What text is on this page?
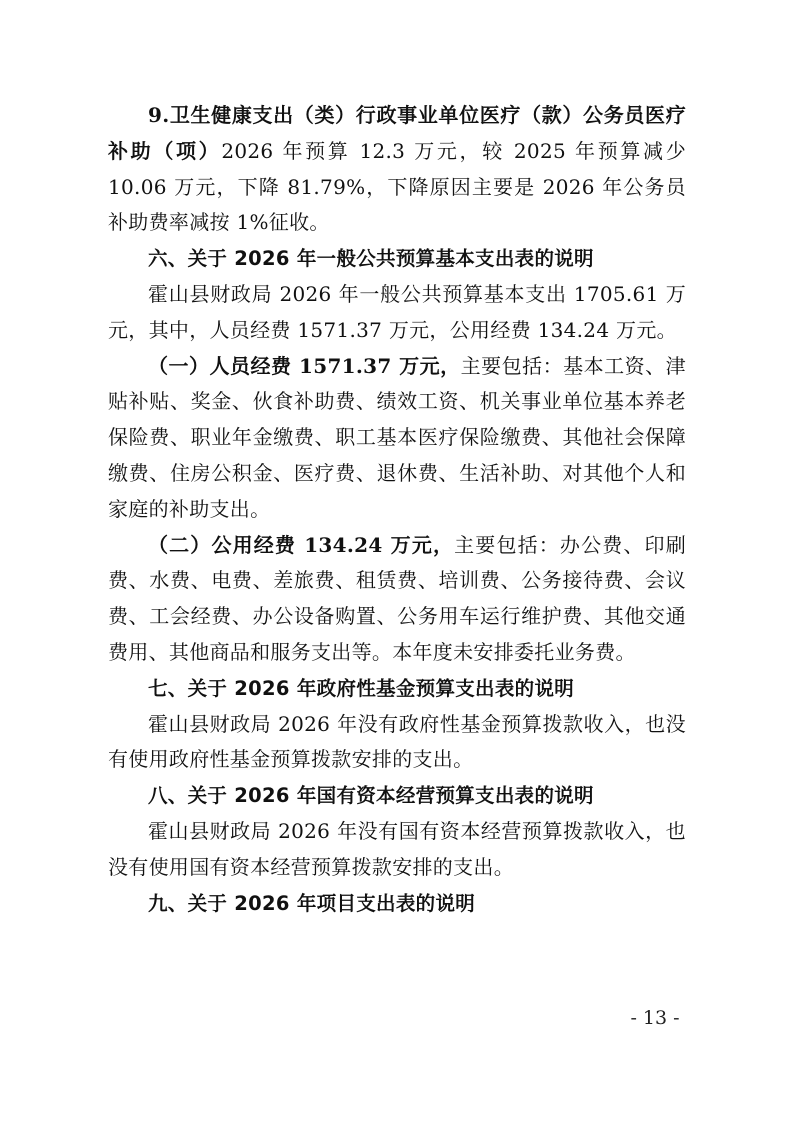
9.卫生健康支出（类）行政事业单位医疗（款）公务员医疗补助（项）2026 年预算 12.3 万元，较 2025 年预算减少 10.06 万元，下降 81.79%，下降原因主要是 2026 年公务员补助费率减按 1%征收。

六、关于 2026 年一般公共预算基本支出表的说明

霍山县财政局 2026 年一般公共预算基本支出 1705.61 万元，其中，人员经费 1571.37 万元，公用经费 134.24 万元。

（一）人员经费 1571.37 万元，主要包括：基本工资、津贴补贴、奖金、伙食补助费、绩效工资、机关事业单位基本养老保险费、职业年金缴费、职工基本医疗保险缴费、其他社会保障缴费、住房公积金、医疗费、退休费、生活补助、对其他个人和家庭的补助支出。

（二）公用经费 134.24 万元，主要包括：办公费、印刷费、水费、电费、差旅费、租赁费、培训费、公务接待费、会议费、工会经费、办公设备购置、公务用车运行维护费、其他交通费用、其他商品和服务支出等。本年度未安排委托业务费。

七、关于 2026 年政府性基金预算支出表的说明

霍山县财政局 2026 年没有政府性基金预算拨款收入，也没有使用政府性基金预算拨款安排的支出。

八、关于 2026 年国有资本经营预算支出表的说明

霍山县财政局 2026 年没有国有资本经营预算拨款收入，也没有使用国有资本经营预算拨款安排的支出。

九、关于 2026 年项目支出表的说明

- 13 -
